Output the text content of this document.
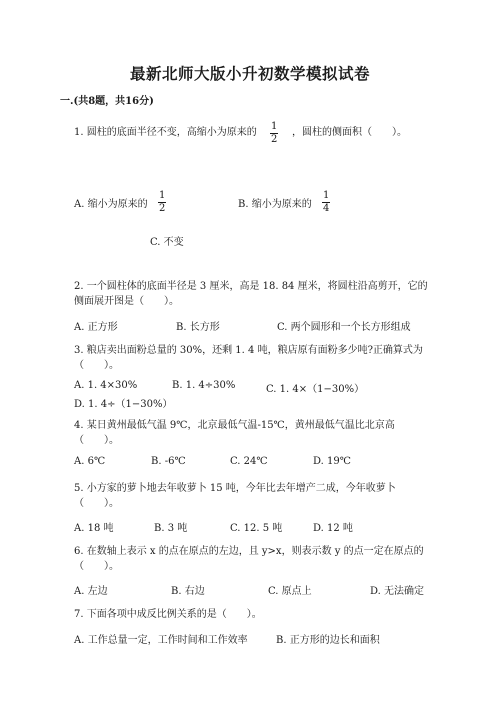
最新北师大版小升初数学模拟试卷
一.(共8题，共16分)
1. 圆柱的底面半径不变，高缩小为原来的 $\frac{1}{2}$ ，圆柱的侧面积（　　）。
A. 缩小为原来的 $\frac{1}{2}$	B. 缩小为原来的 $\frac{1}{4}$
C. 不变
2. 一个圆柱体的底面半径是 3 厘米，高是 18. 84 厘米，将圆柱沿高剪开，它的
侧面展开图是（　　）。
A. 正方形	B. 长方形	C. 两个圆形和一个长方形组成
3. 粮店卖出面粉总量的 30%，还剩 1. 4 吨，粮店原有面粉多少吨?正确算式为
（　　）。
A. 1. 4×30%	B. 1. 4÷30%	C. 1. 4×（1−30%）
D. 1. 4÷（1−30%）
4. 某日黄州最低气温 9℃，北京最低气温-15℃，黄州最低气温比北京高
（　　）。
A. 6℃	B. -6℃	C. 24℃	D. 19℃
5. 小方家的萝卜地去年收萝卜 15 吨，今年比去年增产二成，今年收萝卜
（　　）。
A. 18 吨	B. 3 吨	C. 12. 5 吨	D. 12 吨
6. 在数轴上表示 x 的点在原点的左边，且 y>x，则表示数 y 的点一定在原点的
（　　）。
A. 左边	B. 右边	C. 原点上	D. 无法确定
7. 下面各项中成反比例关系的是（　　）。
A. 工作总量一定，工作时间和工作效率	B. 正方形的边长和面积
